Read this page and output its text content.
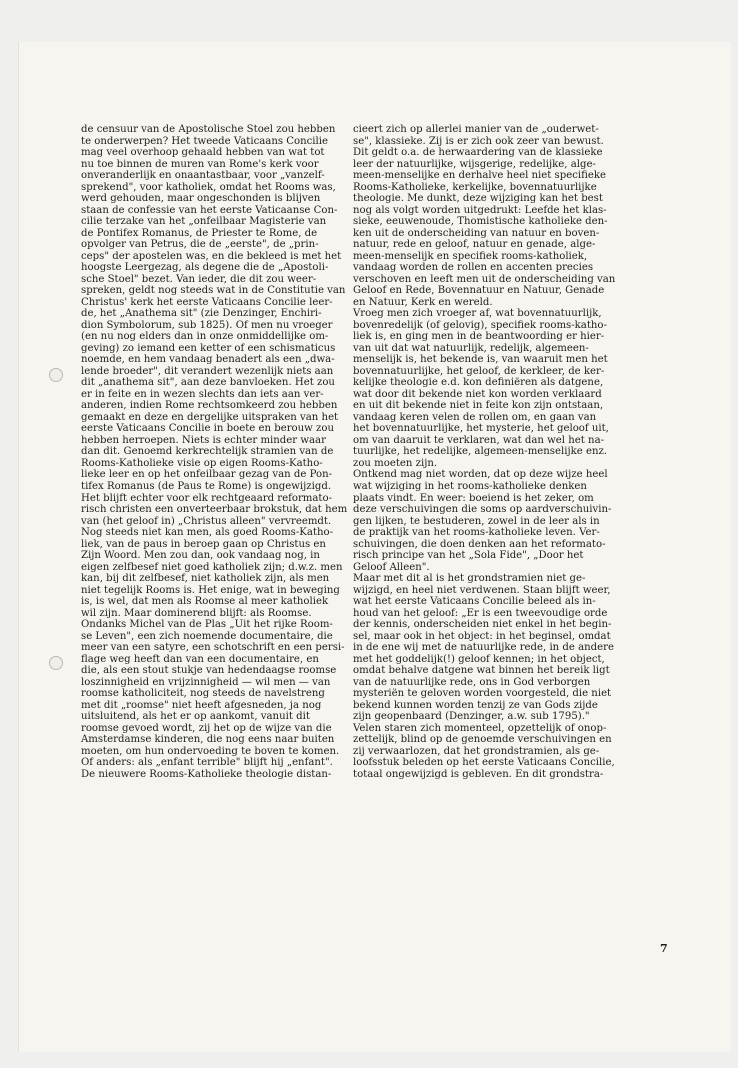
de censuur van de Apostolische Stoel zou hebben
te onderwerpen? Het tweede Vaticaans Concilie
mag veel overhoop gehaald hebben van wat tot
nu toe binnen de muren van Rome's kerk voor
onveranderlijk en onaantastbaar, voor „vanzelf-
sprekend", voor katholiek, omdat het Rooms was,
werd gehouden, maar ongeschonden is blijven
staan de confessie van het eerste Vaticaanse Con-
cilie terzake van het „onfeilbaar Magisterie van
de Pontifex Romanus, de Priester te Rome, de
opvolger van Petrus, die de „eerste", de „prin-
ceps" der apostelen was, en die bekleed is met het
hoogste Leergezag, als degene die de „Apostoli-
sche Stoel" bezet. Van ieder, die dit zou weer-
spreken, geldt nog steeds wat in de Constitutie van
Christus' kerk het eerste Vaticaans Concilie leer-
de, het „Anathema sit" (zie Denzinger, Enchiri-
dion Symbolorum, sub 1825). Of men nu vroeger
(en nu nog elders dan in onze onmiddellijke om-
geving) zo iemand een ketter of een schismaticus
noemde, en hem vandaag benadert als een „dwa-
lende broeder", dit verandert wezenlijk niets aan
dit „anathema sit", aan deze banvloeken. Het zou
er in feite en in wezen slechts dan iets aan ver-
anderen, indien Rome rechtsomkeerd zou hebben
gemaakt en deze en dergelijke uitspraken van het
eerste Vaticaans Concilie in boete en berouw zou
hebben herroepen. Niets is echter minder waar
dan dit. Genoemd kerkrechtelijk stramien van de
Rooms-Katholieke visie op eigen Rooms-Katho-
lieke leer en op het onfeilbaar gezag van de Pon-
tifex Romanus (de Paus te Rome) is ongewijzigd.
Het blijft echter voor elk rechtgeaard reformato-
risch christen een onverteerbaar brokstuk, dat hem
van (het geloof in) „Christus alleen" vervreemdt.
Nog steeds niet kan men, als goed Rooms-Katho-
liek, van de paus in beroep gaan op Christus en
Zijn Woord. Men zou dan, ook vandaag nog, in
eigen zelfbesef niet goed katholiek zijn; d.w.z. men
kan, bij dit zelfbesef, niet katholiek zijn, als men
niet tegelijk Rooms is. Het enige, wat in beweging
is, is wel, dat men als Roomse al meer katholiek
wil zijn. Maar dominerend blijft: als Roomse.
Ondanks Michel van de Plas „Uit het rijke Room-
se Leven", een zich noemende documentaire, die
meer van een satyre, een schotschrift en een persi-
flage weg heeft dan van een documentaire, en
die, als een stout stukje van hedendaagse roomse
loszinnigheid en vrijzinnigheid — wil men — van
roomse katholiciteit, nog steeds de navelstreng
met dit „roomse" niet heeft afgesneden, ja nog
uitsluitend, als het er op aankomt, vanuit dit
roomse gevoed wordt, zij het op de wijze van die
Amsterdamse kinderen, die nog eens naar buiten
moeten, om hun ondervoeding te boven te komen.
Of anders: als „enfant terrible" blijft hij „enfant".
De nieuwere Rooms-Katholieke theologie distan-
cieert zich op allerlei manier van de „ouderwet-
se", klassieke. Zij is er zich ook zeer van bewust.
Dit geldt o.a. de herwaardering van de klassieke
leer der natuurlijke, wijsgerige, redelijke, alge-
meen-menselijke en derhalve heel niet specifieke
Rooms-Katholieke, kerkelijke, bovennatuurlijke
theologie. Me dunkt, deze wijziging kan het best
nog als volgt worden uitgedrukt: Leefde het klas-
sieke, eeuwenoude, Thomistische katholieke den-
ken uit de onderscheiding van natuur en boven-
natuur, rede en geloof, natuur en genade, alge-
meen-menselijk en specifiek rooms-katholiek,
vandaag worden de rollen en accenten precies
verschoven en leeft men uit de onderscheiding van
Geloof en Rede, Bovennatuur en Natuur, Genade
en Natuur, Kerk en wereld.
Vroeg men zich vroeger af, wat bovennatuurlijk,
bovenredelijk (of gelovig), specifiek rooms-katho-
liek is, en ging men in de beantwoording er hier-
van uit dat wat natuurlijk, redelijk, algemeen-
menselijk is, het bekende is, van waaruit men het
bovennatuurlijke, het geloof, de kerkleer, de ker-
kelijke theologie e.d. kon definiëren als datgene,
wat door dit bekende niet kon worden verklaard
en uit dit bekende niet in feite kon zijn ontstaan,
vandaag keren velen de rollen om, en gaan van
het bovennatuurlijke, het mysterie, het geloof uit,
om van daaruit te verklaren, wat dan wel het na-
tuurlijke, het redelijke, algemeen-menselijke enz.
zou moeten zijn.
Ontkend mag niet worden, dat op deze wijze heel
wat wijziging in het rooms-katholieke denken
plaats vindt. En weer: boeiend is het zeker, om
deze verschuivingen die soms op aardverschuivin-
gen lijken, te bestuderen, zowel in de leer als in
de praktijk van het rooms-katholieke leven. Ver-
schuivingen, die doen denken aan het reformato-
risch principe van het „Sola Fide", „Door het
Geloof Alleen".
Maar met dit al is het grondstramien niet ge-
wijzigd, en heel niet verdwenen. Staan blijft weer,
wat het eerste Vaticaans Concilie beleed als in-
houd van het geloof: „Er is een tweevoudige orde
der kennis, onderscheiden niet enkel in het begin-
sel, maar ook in het object: in het beginsel, omdat
in de ene wij met de natuurlijke rede, in de andere
met het goddelijk(!) geloof kennen; in het object,
omdat behalve datgene wat binnen het bereik ligt
van de natuurlijke rede, ons in God verborgen
mysteriën te geloven worden voorgesteld, die niet
bekend kunnen worden tenzij ze van Gods zijde
zijn geopenbaard (Denzinger, a.w. sub 1795)."
Velen staren zich momenteel, opzettelijk of onop-
zettelijk, blind op de genoemde verschuivingen en
zij verwaarlozen, dat het grondstramien, als ge-
loofsstuk beleden op het eerste Vaticaans Concilie,
totaal ongewijzigd is gebleven. En dit grondstra-
7
